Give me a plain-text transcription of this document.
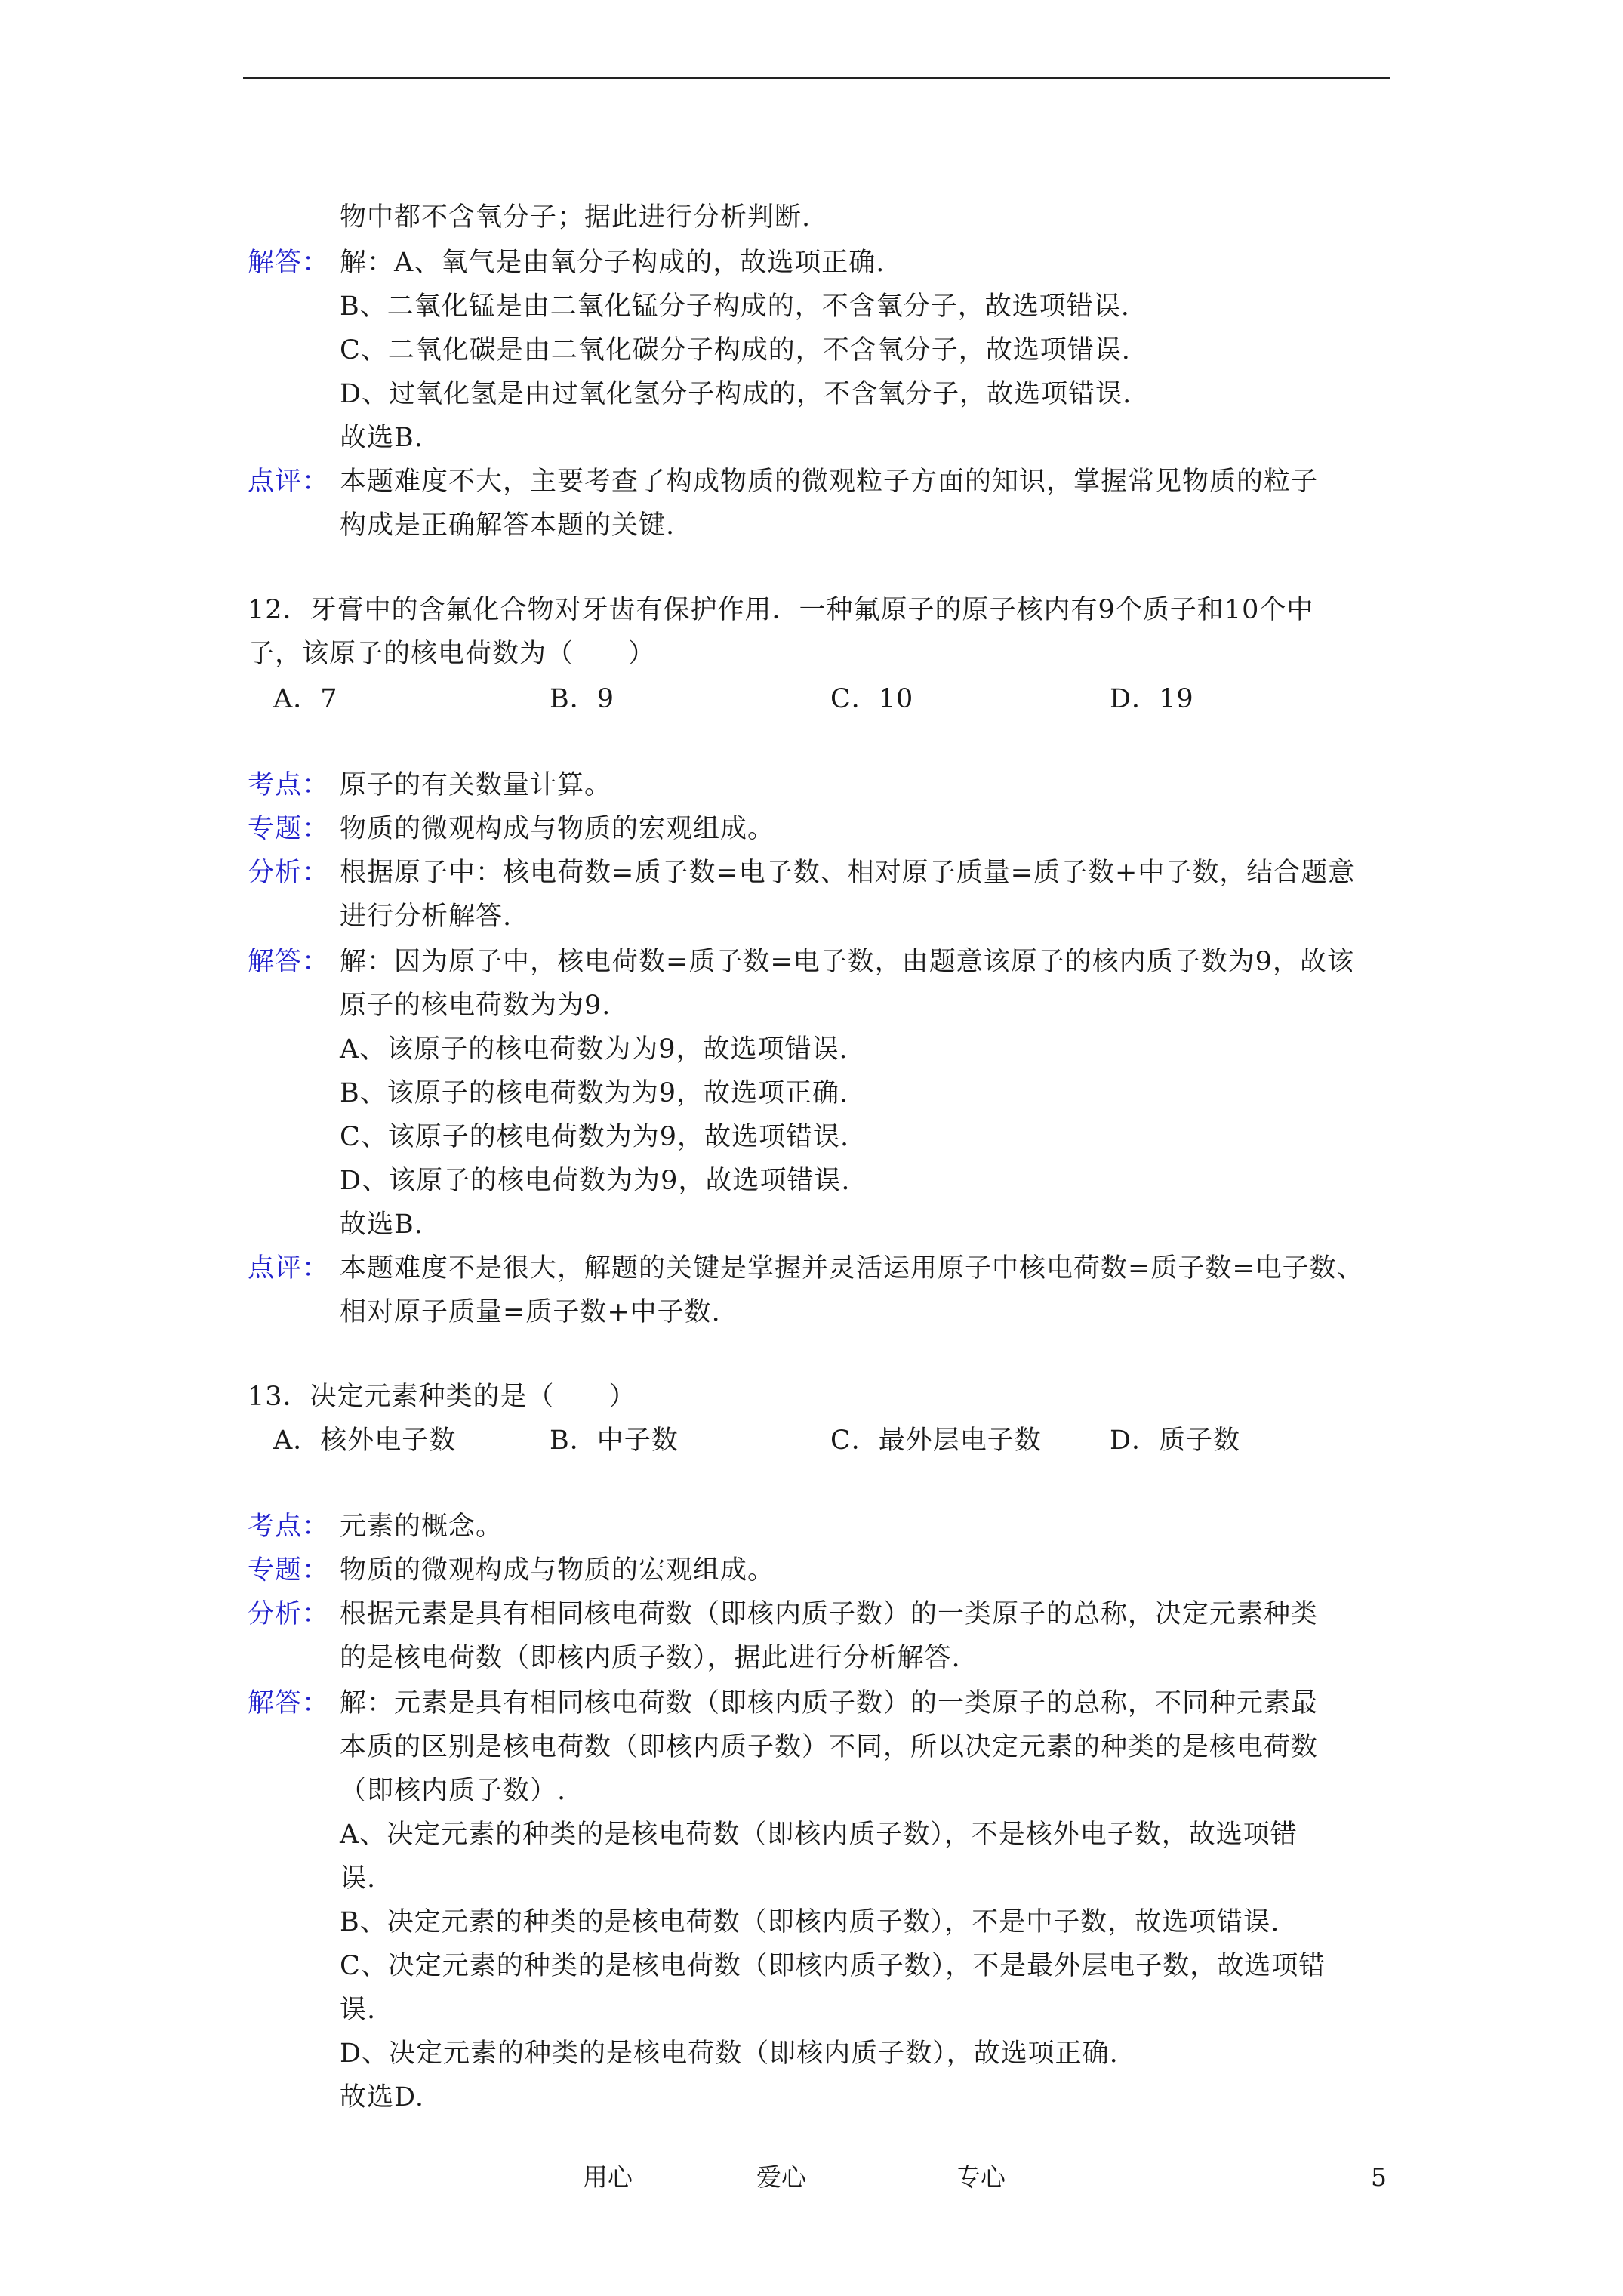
物中都不含氧分子；据此进行分析判断.
解答： 解：A、氧气是由氧分子构成的，故选项正确.
B、二氧化锰是由二氧化锰分子构成的，不含氧分子，故选项错误.
C、二氧化碳是由二氧化碳分子构成的，不含氧分子，故选项错误.
D、过氧化氢是由过氧化氢分子构成的，不含氧分子，故选项错误.
故选B.
点评： 本题难度不大，主要考查了构成物质的微观粒子方面的知识，掌握常见物质的粒子
构成是正确解答本题的关键.
12．牙膏中的含氟化合物对牙齿有保护作用．一种氟原子的原子核内有9个质子和10个中
子，该原子的核电荷数为（　　）
A．7	B．9	C．10	D．19
考点： 原子的有关数量计算。
专题： 物质的微观构成与物质的宏观组成。
分析： 根据原子中：核电荷数=质子数=电子数、相对原子质量=质子数+中子数，结合题意
进行分析解答.
解答： 解：因为原子中，核电荷数=质子数=电子数，由题意该原子的核内质子数为9，故该
原子的核电荷数为为9.
A、该原子的核电荷数为为9，故选项错误.
B、该原子的核电荷数为为9，故选项正确.
C、该原子的核电荷数为为9，故选项错误.
D、该原子的核电荷数为为9，故选项错误.
故选B.
点评： 本题难度不是很大，解题的关键是掌握并灵活运用原子中核电荷数=质子数=电子数、
相对原子质量=质子数+中子数.
13．决定元素种类的是（　　）
A．核外电子数	B．中子数	C．最外层电子数	D．质子数
考点： 元素的概念。
专题： 物质的微观构成与物质的宏观组成。
分析： 根据元素是具有相同核电荷数（即核内质子数）的一类原子的总称，决定元素种类
的是核电荷数（即核内质子数），据此进行分析解答.
解答： 解：元素是具有相同核电荷数（即核内质子数）的一类原子的总称，不同种元素最
本质的区别是核电荷数（即核内质子数）不同，所以决定元素的种类的是核电荷数
（即核内质子数）.
A、决定元素的种类的是核电荷数（即核内质子数），不是核外电子数，故选项错
误.
B、决定元素的种类的是核电荷数（即核内质子数），不是中子数，故选项错误.
C、决定元素的种类的是核电荷数（即核内质子数），不是最外层电子数，故选项错
误.
D、决定元素的种类的是核电荷数（即核内质子数），故选项正确.
故选D.
用心	爱心	专心	5
